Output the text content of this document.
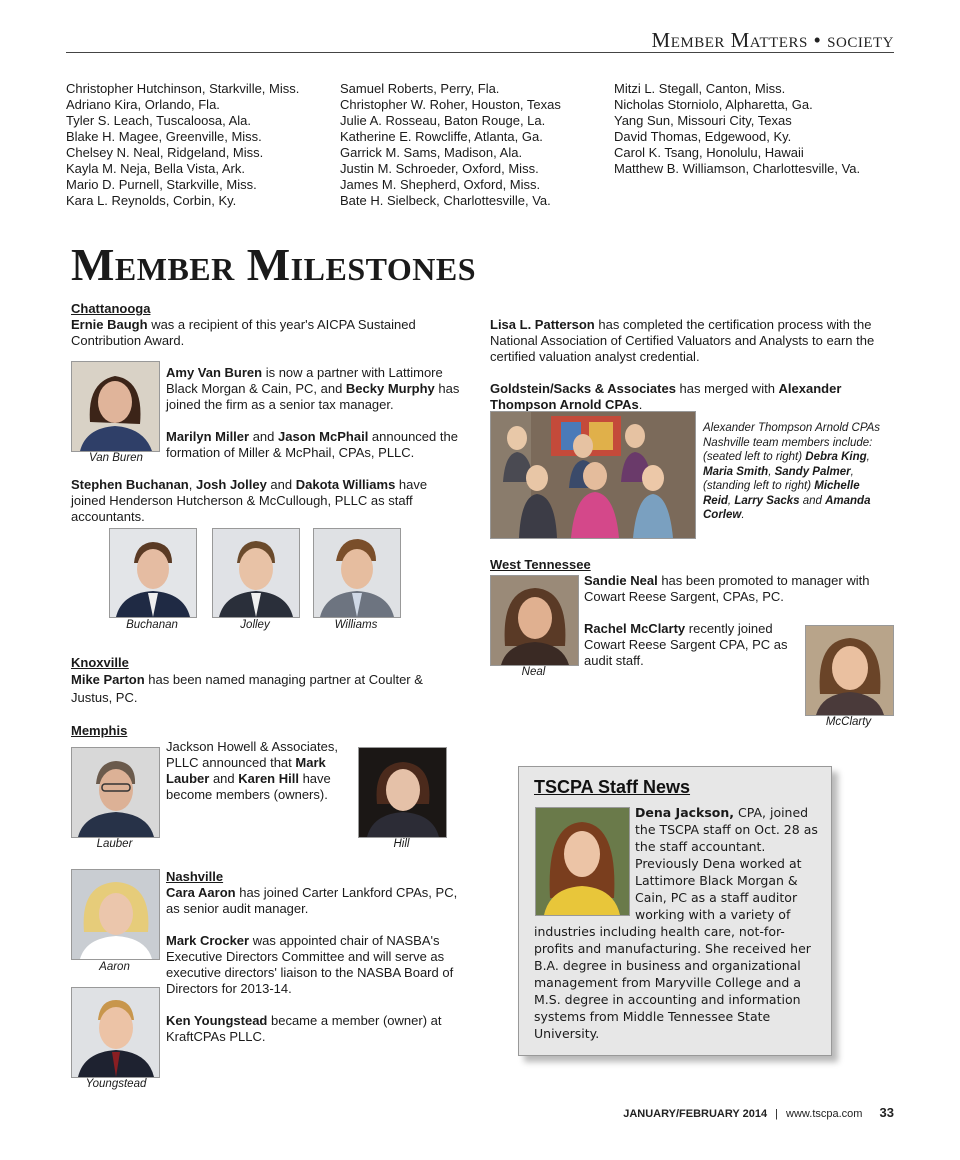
Member Matters • society
Christopher Hutchinson, Starkville, Miss.
Adriano Kira, Orlando, Fla.
Tyler S. Leach, Tuscaloosa, Ala.
Blake H. Magee, Greenville, Miss.
Chelsey N. Neal, Ridgeland, Miss.
Kayla M. Neja, Bella Vista, Ark.
Mario D. Purnell, Starkville, Miss.
Kara L. Reynolds, Corbin, Ky.
Samuel Roberts, Perry, Fla.
Christopher W. Roher, Houston, Texas
Julie A. Rosseau, Baton Rouge, La.
Katherine E. Rowcliffe, Atlanta, Ga.
Garrick M. Sams, Madison, Ala.
Justin M. Schroeder, Oxford, Miss.
James M. Shepherd, Oxford, Miss.
Bate H. Sielbeck, Charlottesville, Va.
Mitzi L. Stegall, Canton, Miss.
Nicholas Storniolo, Alpharetta, Ga.
Yang Sun, Missouri City, Texas
David Thomas, Edgewood, Ky.
Carol K. Tsang, Honolulu, Hawaii
Matthew B. Williamson, Charlottesville, Va.
Member Milestones
Chattanooga
Ernie Baugh was a recipient of this year's AICPA Sustained Contribution Award.
Van Buren
Amy Van Buren is now a partner with Lattimore Black Morgan & Cain, PC, and Becky Murphy has joined the firm as a senior tax manager.
Marilyn Miller and Jason McPhail announced the formation of Miller & McPhail, CPAs, PLLC.
Stephen Buchanan, Josh Jolley and Dakota Williams have joined Henderson Hutcherson & McCullough, PLLC as staff accountants.
Buchanan	Jolley	Williams
Knoxville
Mike Parton has been named managing partner at Coulter & Justus, PC.
Memphis
Lauber
Jackson Howell & Associates, PLLC announced that Mark Lauber and Karen Hill have become members (owners).
Hill
Aaron
Youngstead
Nashville
Cara Aaron has joined Carter Lankford CPAs, PC, as senior audit manager.
Mark Crocker was appointed chair of NASBA's Executive Directors Committee and will serve as executive directors' liaison to the NASBA Board of Directors for 2013-14.
Ken Youngstead became a member (owner) at KraftCPAs PLLC.
Lisa L. Patterson has completed the certification process with the National Association of Certified Valuators and Analysts to earn the certified valuation analyst credential.
Goldstein/Sacks & Associates has merged with Alexander Thompson Arnold CPAs.
Alexander Thompson Arnold CPAs Nashville team members include: (seated left to right) Debra King, Maria Smith, Sandy Palmer, (standing left to right) Michelle Reid, Larry Sacks and Amanda Corlew.
West Tennessee
Neal
Sandie Neal has been promoted to manager with Cowart Reese Sargent, CPAs, PC.
Rachel McClarty recently joined Cowart Reese Sargent CPA, PC as audit staff.
McClarty
TSCPA Staff News
Dena Jackson, CPA, joined the TSCPA staff on Oct. 28 as the staff accountant. Previously Dena worked at Lattimore Black Morgan & Cain, PC as a staff auditor working with a variety of industries including health care, not-for-profits and manufacturing. She received her B.A. degree in business and organizational management from Maryville College and a M.S. degree in accounting and information systems from Middle Tennessee State University.
JANUARY/FEBRUARY 2014 | www.tscpa.com 33
